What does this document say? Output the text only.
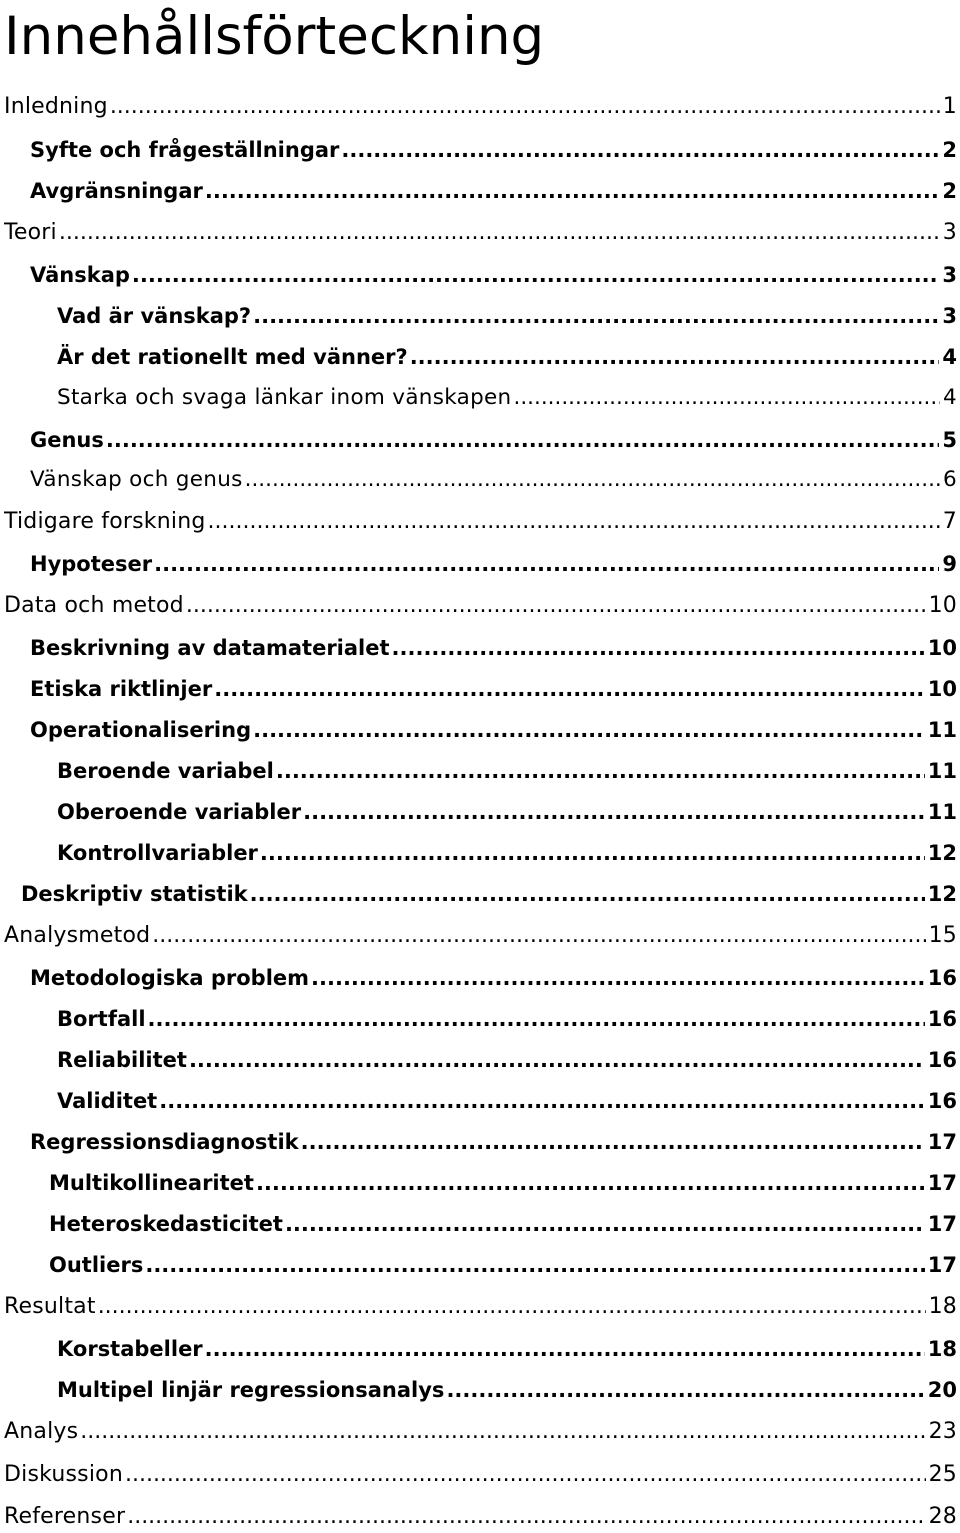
Innehållsförteckning
Inledning .....	1
Syfte och frågeställningar .....	2
Avgränsningar .....	2
Teori .....	3
Vänskap .....	3
Vad är vänskap? .....	3
Är det rationellt med vänner? .....	4
Starka och svaga länkar inom vänskapen .....	4
Genus .....	5
Vänskap och genus .....	6
Tidigare forskning .....	7
Hypoteser .....	9
Data och metod .....	10
Beskrivning av datamaterialet .....	10
Etiska riktlinjer .....	10
Operationalisering .....	11
Beroende variabel .....	11
Oberoende variabler .....	11
Kontrollvariabler .....	12
Deskriptiv statistik .....	12
Analysmetod .....	15
Metodologiska problem .....	16
Bortfall .....	16
Reliabilitet .....	16
Validitet .....	16
Regressionsdiagnostik .....	17
Multikollinearitet .....	17
Heteroskedasticitet .....	17
Outliers .....	17
Resultat .....	18
Korstabeller .....	18
Multipel linjär regressionsanalys .....	20
Analys .....	23
Diskussion .....	25
Referenser .....	28
